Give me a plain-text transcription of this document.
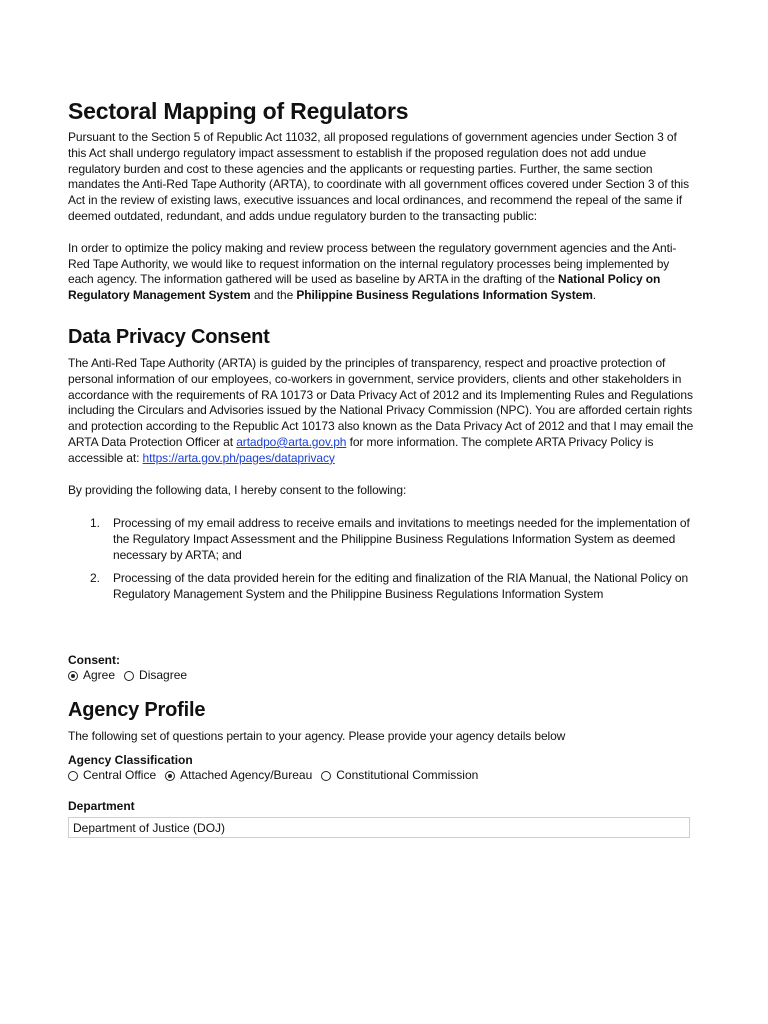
Sectoral Mapping of Regulators

Pursuant to the Section 5 of Republic Act 11032, all proposed regulations of government agencies under Section 3 of this Act shall undergo regulatory impact assessment to establish if the proposed regulation does not add undue regulatory burden and cost to these agencies and the applicants or requesting parties. Further, the same section mandates the Anti-Red Tape Authority (ARTA), to coordinate with all government offices covered under Section 3 of this Act in the review of existing laws, executive issuances and local ordinances, and recommend the repeal of the same if deemed outdated, redundant, and adds undue regulatory burden to the transacting public:

In order to optimize the policy making and review process between the regulatory government agencies and the Anti-Red Tape Authority, we would like to request information on the internal regulatory processes being implemented by each agency. The information gathered will be used as baseline by ARTA in the drafting of the National Policy on Regulatory Management System and the Philippine Business Regulations Information System.

Data Privacy Consent

The Anti-Red Tape Authority (ARTA) is guided by the principles of transparency, respect and proactive protection of personal information of our employees, co-workers in government, service providers, clients and other stakeholders in accordance with the requirements of RA 10173 or Data Privacy Act of 2012 and its Implementing Rules and Regulations including the Circulars and Advisories issued by the National Privacy Commission (NPC). You are afforded certain rights and protection according to the Republic Act 10173 also known as the Data Privacy Act of 2012 and that I may email the ARTA Data Protection Officer at artadpo@arta.gov.ph for more information. The complete ARTA Privacy Policy is accessible at: https://arta.gov.ph/pages/dataprivacy

By providing the following data, I hereby consent to the following:

1. Processing of my email address to receive emails and invitations to meetings needed for the implementation of the Regulatory Impact Assessment and the Philippine Business Regulations Information System as deemed necessary by ARTA; and
2. Processing of the data provided herein for the editing and finalization of the RIA Manual, the National Policy on Regulatory Management System and the Philippine Business Regulations Information System
Consent:
Agree Disagree
Agency Profile

The following set of questions pertain to your agency. Please provide your agency details below

Agency Classification
Central Office Attached Agency/Bureau Constitutional Commission
Department
Department of Justice (DOJ)
